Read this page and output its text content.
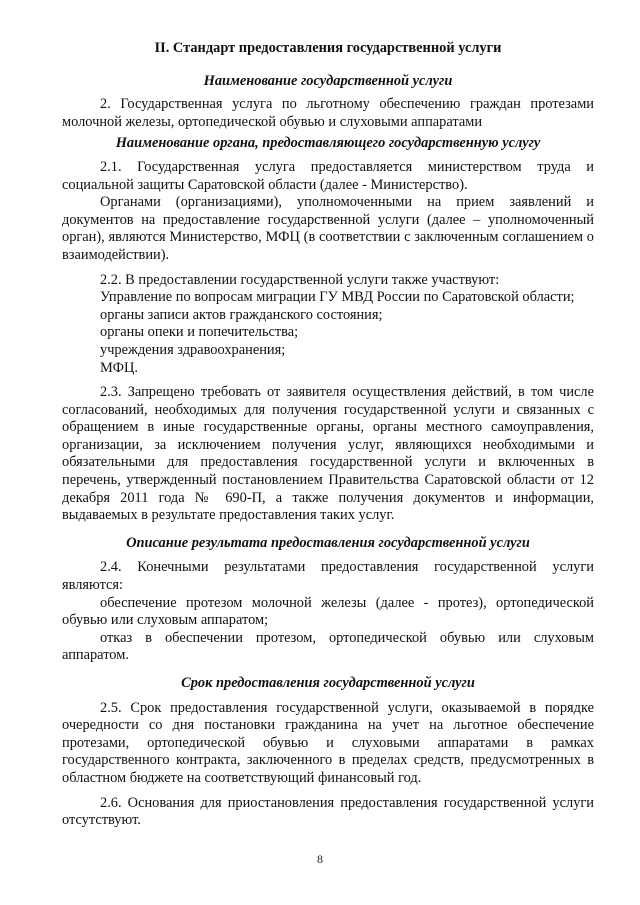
II. Стандарт предоставления государственной услуги
Наименование государственной услуги

2. Государственная услуга по льготному обеспечению граждан протезами молочной железы, ортопедической обувью и слуховыми аппаратами

Наименование органа, предоставляющего государственную услугу

2.1. Государственная услуга предоставляется министерством труда и социальной защиты Саратовской области (далее - Министерство).

Органами (организациями), уполномоченными на прием заявлений и документов на предоставление государственной услуги (далее – уполномоченный орган), являются Министерство, МФЦ (в соответствии с заключенным соглашением о взаимодействии).

2.2. В предоставлении государственной услуги также участвуют:

Управление по вопросам миграции ГУ МВД России по Саратовской области;

органы записи актов гражданского состояния;

органы опеки и попечительства;

учреждения здравоохранения;

МФЦ.

2.3. Запрещено требовать от заявителя осуществления действий, в том числе согласований, необходимых для получения государственной услуги и связанных с обращением в иные государственные органы, органы местного самоуправления, организации, за исключением получения услуг, являющихся необходимыми и обязательными для предоставления государственной услуги и включенных в перечень, утвержденный постановлением Правительства Саратовской области от 12 декабря 2011 года № 690-П, а также получения документов и информации, выдаваемых в результате предоставления таких услуг.

Описание результата предоставления государственной услуги

2.4. Конечными результатами предоставления государственной услуги являются:

обеспечение протезом молочной железы (далее - протез), ортопедической обувью или слуховым аппаратом;

отказ в обеспечении протезом, ортопедической обувью или слуховым аппаратом.

Срок предоставления государственной услуги

2.5. Срок предоставления государственной услуги, оказываемой в порядке очередности со дня постановки гражданина на учет на льготное обеспечение протезами, ортопедической обувью и слуховыми аппаратами в рамках государственного контракта, заключенного в пределах средств, предусмотренных в областном бюджете на соответствующий финансовый год.

2.6. Основания для приостановления предоставления государственной услуги отсутствуют.

8
